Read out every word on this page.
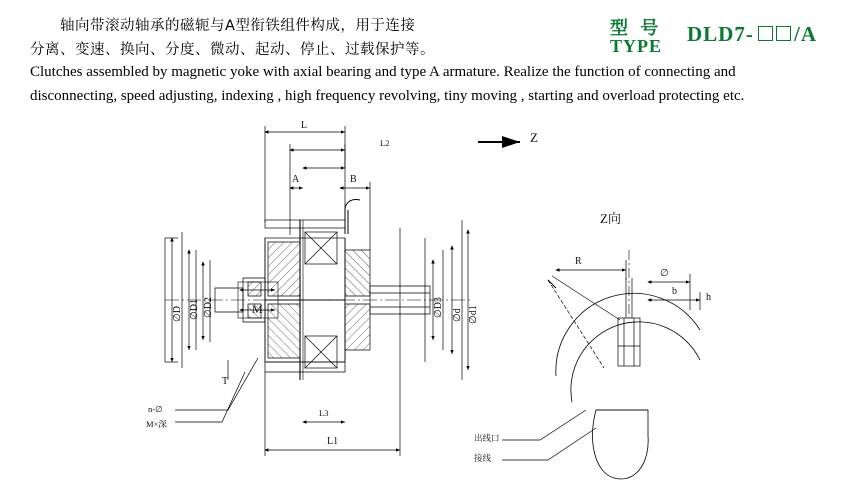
轴向带滚动轴承的磁轭与A型衔铁组件构成，用于连接
分离、变速、换向、分度、微动、起动、停止、过载保护等。
Clutches assembled by magnetic yoke with axial bearing and type A armature. Realize the function of connecting and
disconnecting, speed adjusting, indexing , high frequency revolving, tiny moving , starting and overload protecting etc.
型 号
TYPE DLD7- /A
L
L1
L2
L3
A	B
M
T
∅D ∅D1 ∅D2	∅D3 ∅d ∅d1
n-∅
M×深
R
∅
b
h
出线口
接线
Z
Z向
